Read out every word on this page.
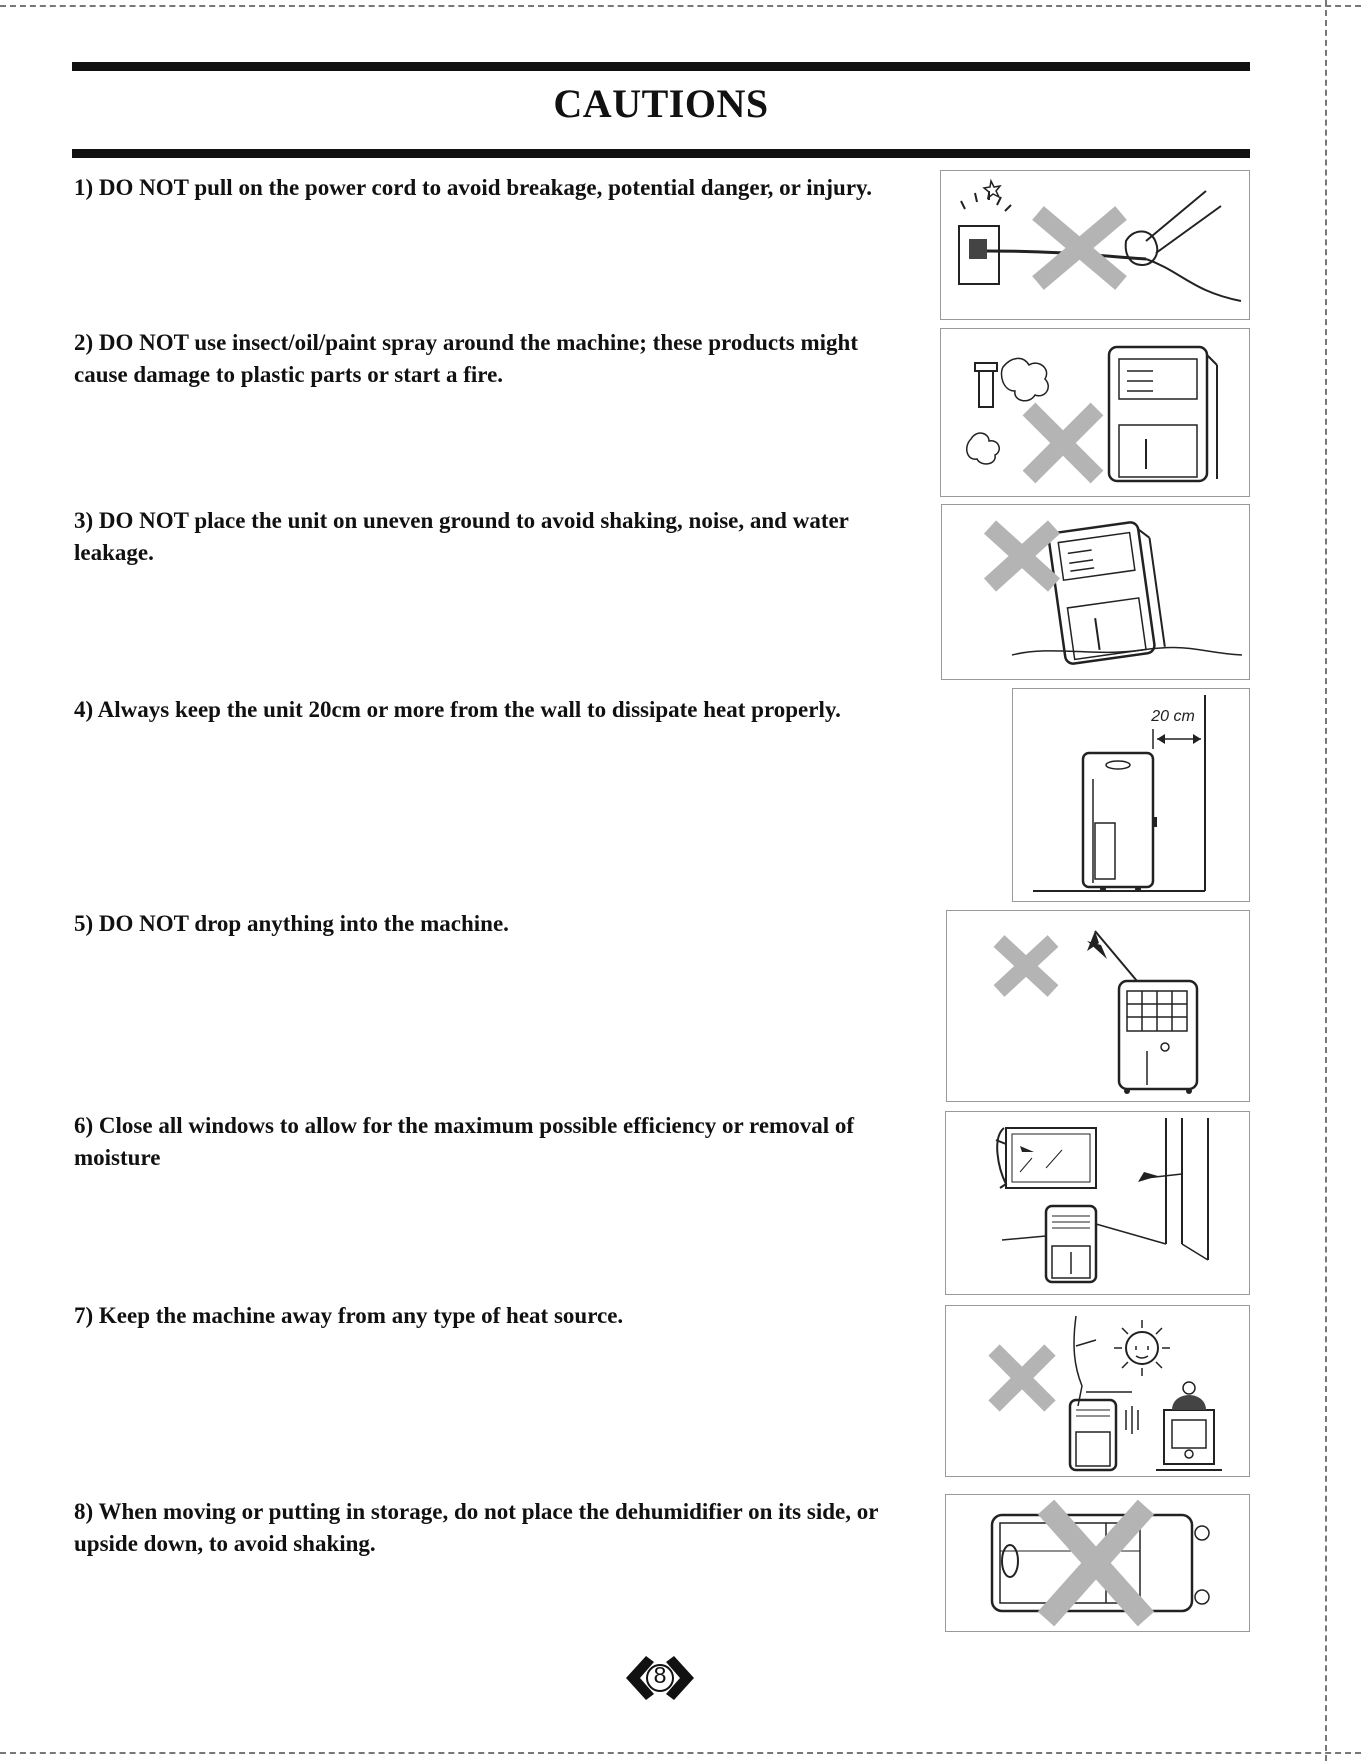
CAUTIONS
1) DO NOT pull on the power cord to avoid breakage, potential danger, or injury.
2) DO NOT use insect/oil/paint spray around the machine; these products might cause damage to plastic parts or start a fire.
3) DO NOT place the unit on uneven ground to avoid shaking, noise, and water leakage.
4) Always keep the unit 20cm or more from the wall to dissipate heat properly.	20 cm
5) DO NOT drop anything into the machine.
6) Close all windows to allow for the maximum possible efficiency or removal of moisture
7) Keep the machine away from any type of heat source.
8) When moving or putting in storage, do not place the dehumidifier on its side, or upside down, to avoid shaking.
8
